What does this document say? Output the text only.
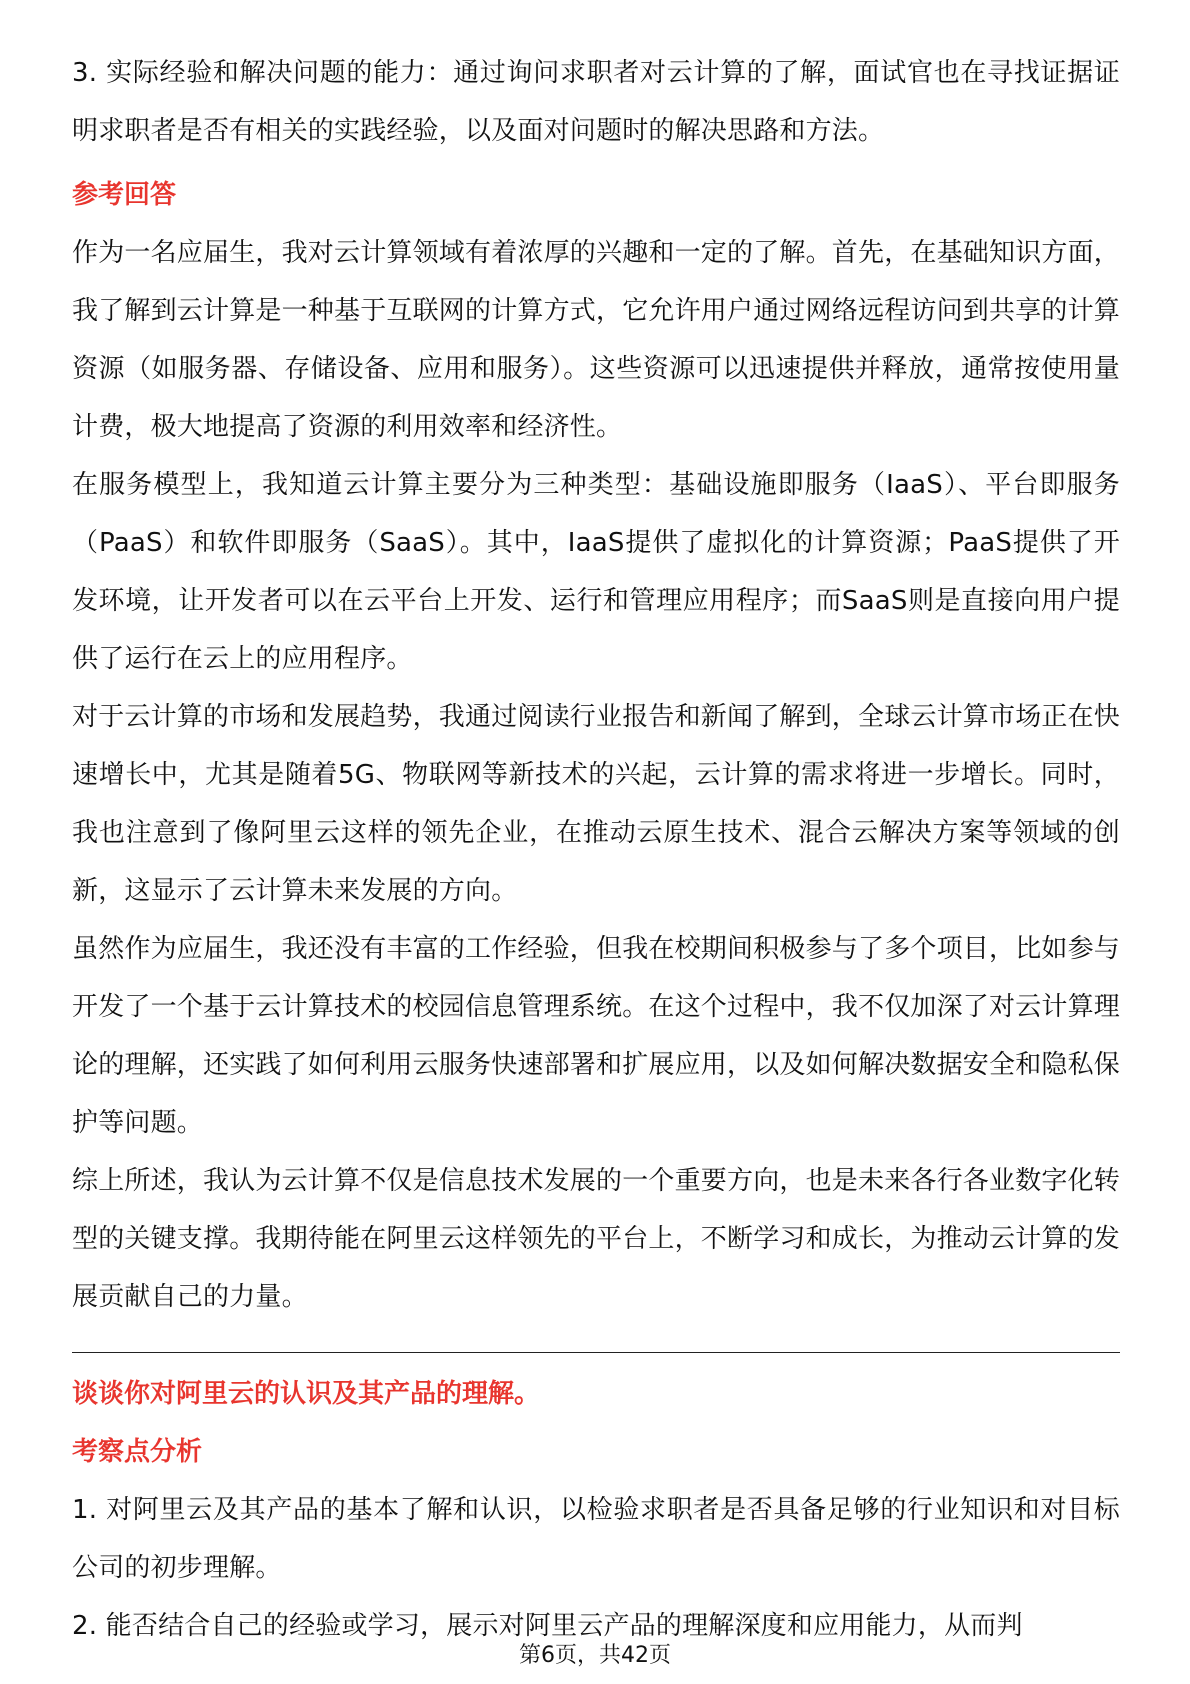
3. 实际经验和解决问题的能力：通过询问求职者对云计算的了解，面试官也在寻找证据证明求职者是否有相关的实践经验，以及面对问题时的解决思路和方法。

参考回答

作为一名应届生，我对云计算领域有着浓厚的兴趣和一定的了解。首先，在基础知识方面，我了解到云计算是一种基于互联网的计算方式，它允许用户通过网络远程访问到共享的计算资源（如服务器、存储设备、应用和服务）。这些资源可以迅速提供并释放，通常按使用量计费，极大地提高了资源的利用效率和经济性。

在服务模型上，我知道云计算主要分为三种类型：基础设施即服务（IaaS）、平台即服务（PaaS）和软件即服务（SaaS）。其中，IaaS提供了虚拟化的计算资源；PaaS提供了开发环境，让开发者可以在云平台上开发、运行和管理应用程序；而SaaS则是直接向用户提供了运行在云上的应用程序。

对于云计算的市场和发展趋势，我通过阅读行业报告和新闻了解到，全球云计算市场正在快速增长中，尤其是随着5G、物联网等新技术的兴起，云计算的需求将进一步增长。同时，我也注意到了像阿里云这样的领先企业，在推动云原生技术、混合云解决方案等领域的创新，这显示了云计算未来发展的方向。

虽然作为应届生，我还没有丰富的工作经验，但我在校期间积极参与了多个项目，比如参与开发了一个基于云计算技术的校园信息管理系统。在这个过程中，我不仅加深了对云计算理论的理解，还实践了如何利用云服务快速部署和扩展应用，以及如何解决数据安全和隐私保护等问题。

综上所述，我认为云计算不仅是信息技术发展的一个重要方向，也是未来各行各业数字化转型的关键支撑。我期待能在阿里云这样领先的平台上，不断学习和成长，为推动云计算的发展贡献自己的力量。

谈谈你对阿里云的认识及其产品的理解。

考察点分析

1. 对阿里云及其产品的基本了解和认识，以检验求职者是否具备足够的行业知识和对目标公司的初步理解。

2. 能否结合自己的经验或学习，展示对阿里云产品的理解深度和应用能力，从而判

第6页，共42页
